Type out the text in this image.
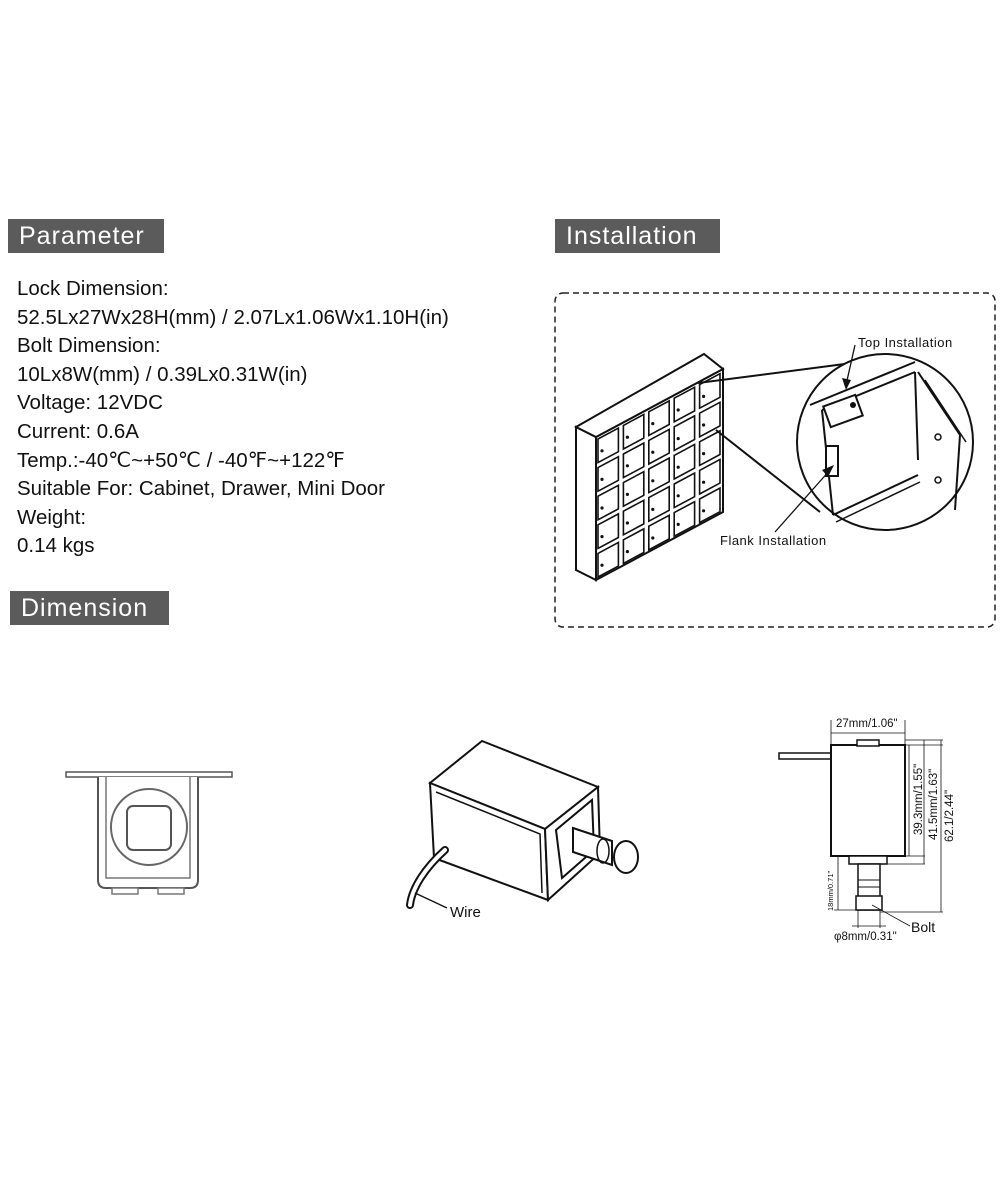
Parameter	Installation
Dimension
Lock Dimension:
52.5Lx27Wx28H(mm) / 2.07Lx1.06Wx1.10H(in)
Bolt Dimension:
10Lx8W(mm) / 0.39Lx0.31W(in)
Voltage: 12VDC
Current: 0.6A
Temp.:-40℃~+50℃ / -40℉~+122℉
Suitable For: Cabinet, Drawer, Mini Door
Weight:
0.14 kgs
Top Installation
Flank Installation
Wire
27mm/1.06"
39.3mm/1.55" 41.5mm/1.63" 62.1/2.44"
18mm/0.71"
φ8mm/0.31"
Bolt
